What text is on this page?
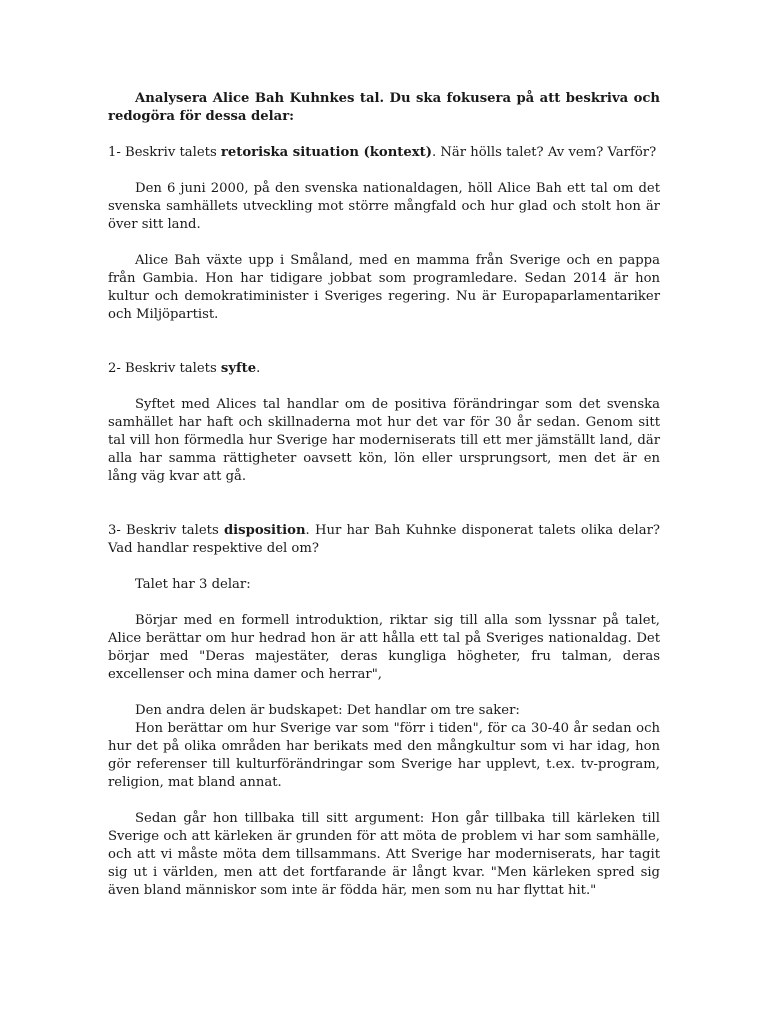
Analysera Alice Bah Kuhnkes tal. Du ska fokusera på att beskriva och redogöra för dessa delar:

1- Beskriv talets retoriska situation (kontext). När hölls talet? Av vem? Varför?

Den 6 juni 2000, på den svenska nationaldagen, höll Alice Bah ett tal om det svenska samhällets utveckling mot större mångfald och hur glad och stolt hon är över sitt land.

Alice Bah växte upp i Småland, med en mamma från Sverige och en pappa från Gambia. Hon har tidigare jobbat som programledare. Sedan 2014 är hon kultur och demokratiminister i Sveriges regering. Nu är Europaparlamentariker och Miljöpartist.

2- Beskriv talets syfte.

Syftet med Alices tal handlar om de positiva förändringar som det svenska samhället har haft och skillnaderna mot hur det var för 30 år sedan. Genom sitt tal vill hon förmedla hur Sverige har moderniserats till ett mer jämställt land, där alla har samma rättigheter oavsett kön, lön eller ursprungsort, men det är en lång väg kvar att gå.

3- Beskriv talets disposition. Hur har Bah Kuhnke disponerat talets olika delar? Vad handlar respektive del om?

Talet har 3 delar:

Börjar med en formell introduktion, riktar sig till alla som lyssnar på talet, Alice berättar om hur hedrad hon är att hålla ett tal på Sveriges nationaldag. Det börjar med "Deras majestäter, deras kungliga högheter, fru talman, deras excellenser och mina damer och herrar",

Den andra delen är budskapet: Det handlar om tre saker:

Hon berättar om hur Sverige var som "förr i tiden", för ca 30-40 år sedan och hur det på olika områden har berikats med den mångkultur som vi har idag, hon gör referenser till kulturförändringar som Sverige har upplevt, t.ex. tv-program, religion, mat bland annat.

Sedan går hon tillbaka till sitt argument: Hon går tillbaka till kärleken till Sverige och att kärleken är grunden för att möta de problem vi har som samhälle, och att vi måste möta dem tillsammans. Att Sverige har moderniserats, har tagit sig ut i världen, men att det fortfarande är långt kvar. "Men kärleken spred sig även bland människor som inte är födda här, men som nu har flyttat hit."
